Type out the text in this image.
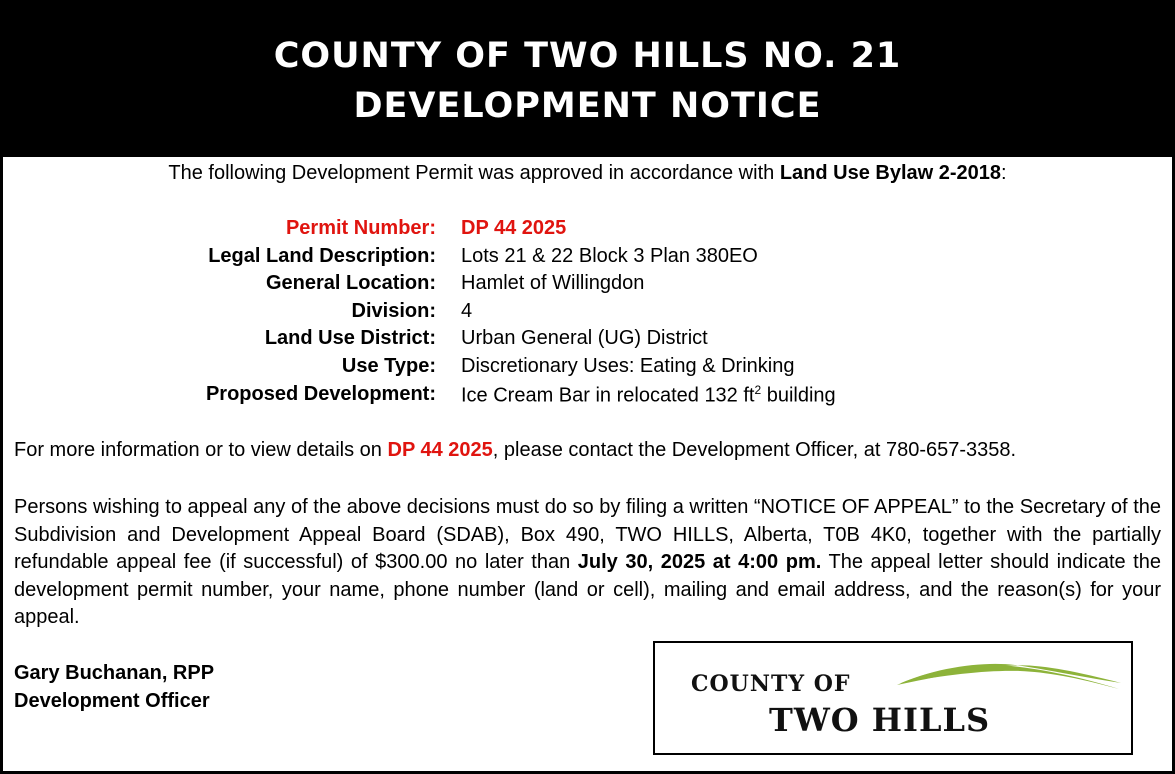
COUNTY OF TWO HILLS NO. 21
DEVELOPMENT NOTICE
The following Development Permit was approved in accordance with Land Use Bylaw 2-2018:
Permit Number: DP 44 2025
Legal Land Description: Lots 21 & 22 Block 3 Plan 380EO
General Location: Hamlet of Willingdon
Division: 4
Land Use District: Urban General (UG) District
Use Type: Discretionary Uses: Eating & Drinking
Proposed Development: Ice Cream Bar in relocated 132 $ft^2$ building
For more information or to view details on DP 44 2025, please contact the Development Officer, at 780-657-3358.
Persons wishing to appeal any of the above decisions must do so by filing a written “NOTICE OF APPEAL” to the Secretary of the Subdivision and Development Appeal Board (SDAB), Box 490, TWO HILLS, Alberta, T0B 4K0, together with the partially refundable appeal fee (if successful) of $300.00 no later than July 30, 2025 at 4:00 pm. The appeal letter should indicate the development permit number, your name, phone number (land or cell), mailing and email address, and the reason(s) for your appeal.
Gary Buchanan, RPP
Development Officer
COUNTY OF
TWO HILLS
